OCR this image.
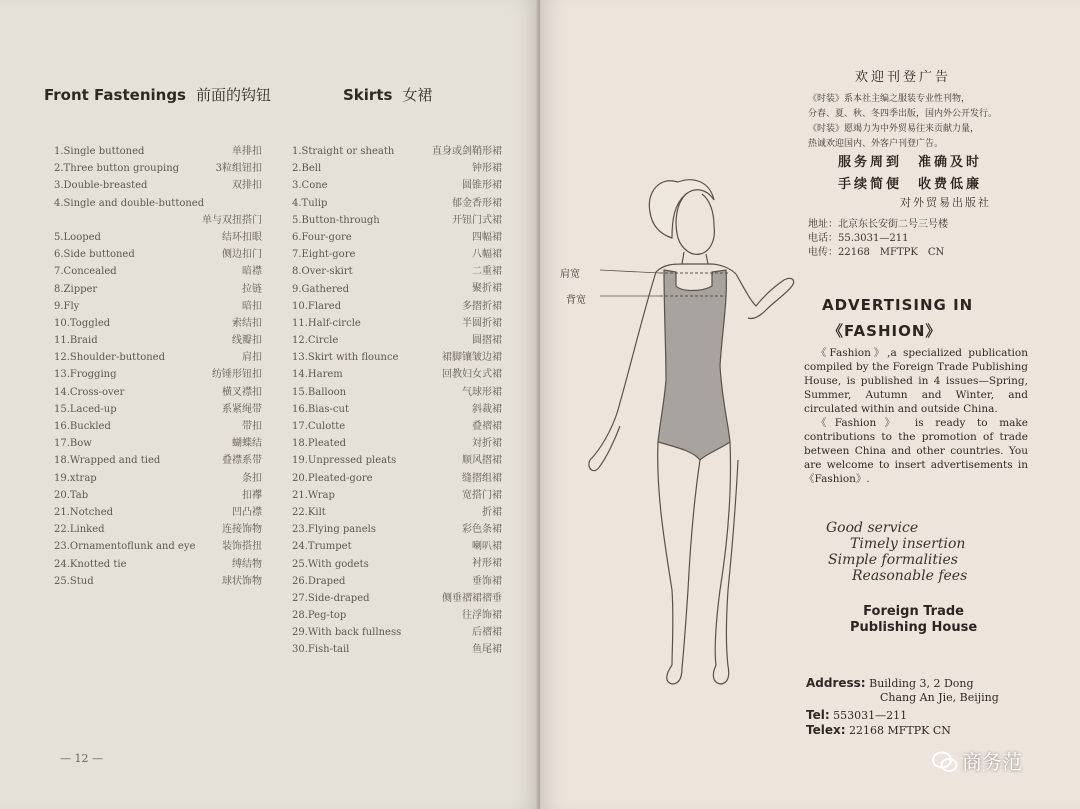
Front Fastenings 前面的钩钮	Skirts 女裙
1.Single buttoned	单排扣
2.Three button grouping	3粒组钮扣
3.Double-breasted	双排扣
4.Single and double-buttoned
单与双扭搭门
5.Looped	结环扣眼
6.Side buttoned	侧边扣门
7.Concealed	暗襟
8.Zipper	拉链
9.Fly	暗扣
10.Toggled	索结扣
11.Braid	线瓣扣
12.Shoulder-buttoned	肩扣
13.Frogging	纺锤形钮扣
14.Cross-over	横叉襟扣
15.Laced-up	系紧绳带
16.Buckled	带扣
17.Bow	蝴蝶结
18.Wrapped and tied	叠襟系带
19.xtrap	条扣
20.Tab	扣襻
21.Notched	凹凸襟
22.Linked	连接饰物
23.Ornamentoflunk and eye	装饰搭扭
24.Knotted tie	缚结物
25.Stud	球状饰物
1.Straight or sheath	直身或剑鞘形裙
2.Bell	钟形裙
3.Cone	圆锥形裙
4.Tulip	郁金香形裙
5.Button-through	开钮门式裙
6.Four-gore	四幅裙
7.Eight-gore	八幅裙
8.Over-skirt	二重裙
9.Gathered	聚折裙
10.Flared	多摺折裙
11.Half-circle	半圆折裙
12.Circle	圆摺裙
13.Skirt with flounce	裙脚镶皱边裙
14.Harem	回教妇女式裙
15.Balloon	气球形裙
16.Bias-cut	斜裁裙
17.Culotte	叠褶裙
18.Pleated	対折裙
19.Unpressed pleats	顺风摺裙
20.Pleated-gore	缝摺组裙
21.Wrap	宽搭门裙
22.Kilt	折裙
23.Flying panels	彩色条裙
24.Trumpet	喇叭裙
25.With godets	衬形裙
26.Draped	垂饰裙
27.Side-draped	侧垂褶裙褶垂
28.Peg-top	往浮饰裙
29.With back fullness	后褶裙
30.Fish-tail	鱼尾裙
— 12 —
肩宽
背宽
欢迎刊登广告
《时装》系本社主编之服装专业性刊物，
分春、夏、秋、冬四季出版，国内外公开发行。
《时装》愿竭力为中外贸易往来贡献力量，
热诚欢迎国内、外客户刊登广告。
服务周到　准确及时
手续简便　收费低廉
对外贸易出版社
地址：北京东长安街二号三号楼
电话：55.3031—211
电传：22168　MFTPK　CN
ADVERTISING IN
《FASHION》

《Fashion》,a specialized publication compiled by the Foreign Trade Publishing House, is published in 4 issues—Spring, Summer, Autumn and Winter, and circulated within and outside China.

《Fashion》 is ready to make contributions to the promotion of trade between China and other countries. You are welcome to insert advertisements in 《Fashion》.

Good service
Timely insertion
Simple formalities
Reasonable fees
Foreign Trade
Publishing House
Address: Building 3, 2 Dong
Chang An Jie, Beijing
Tel: 553031—211
Telex: 22168 MFTPK CN
商务范
